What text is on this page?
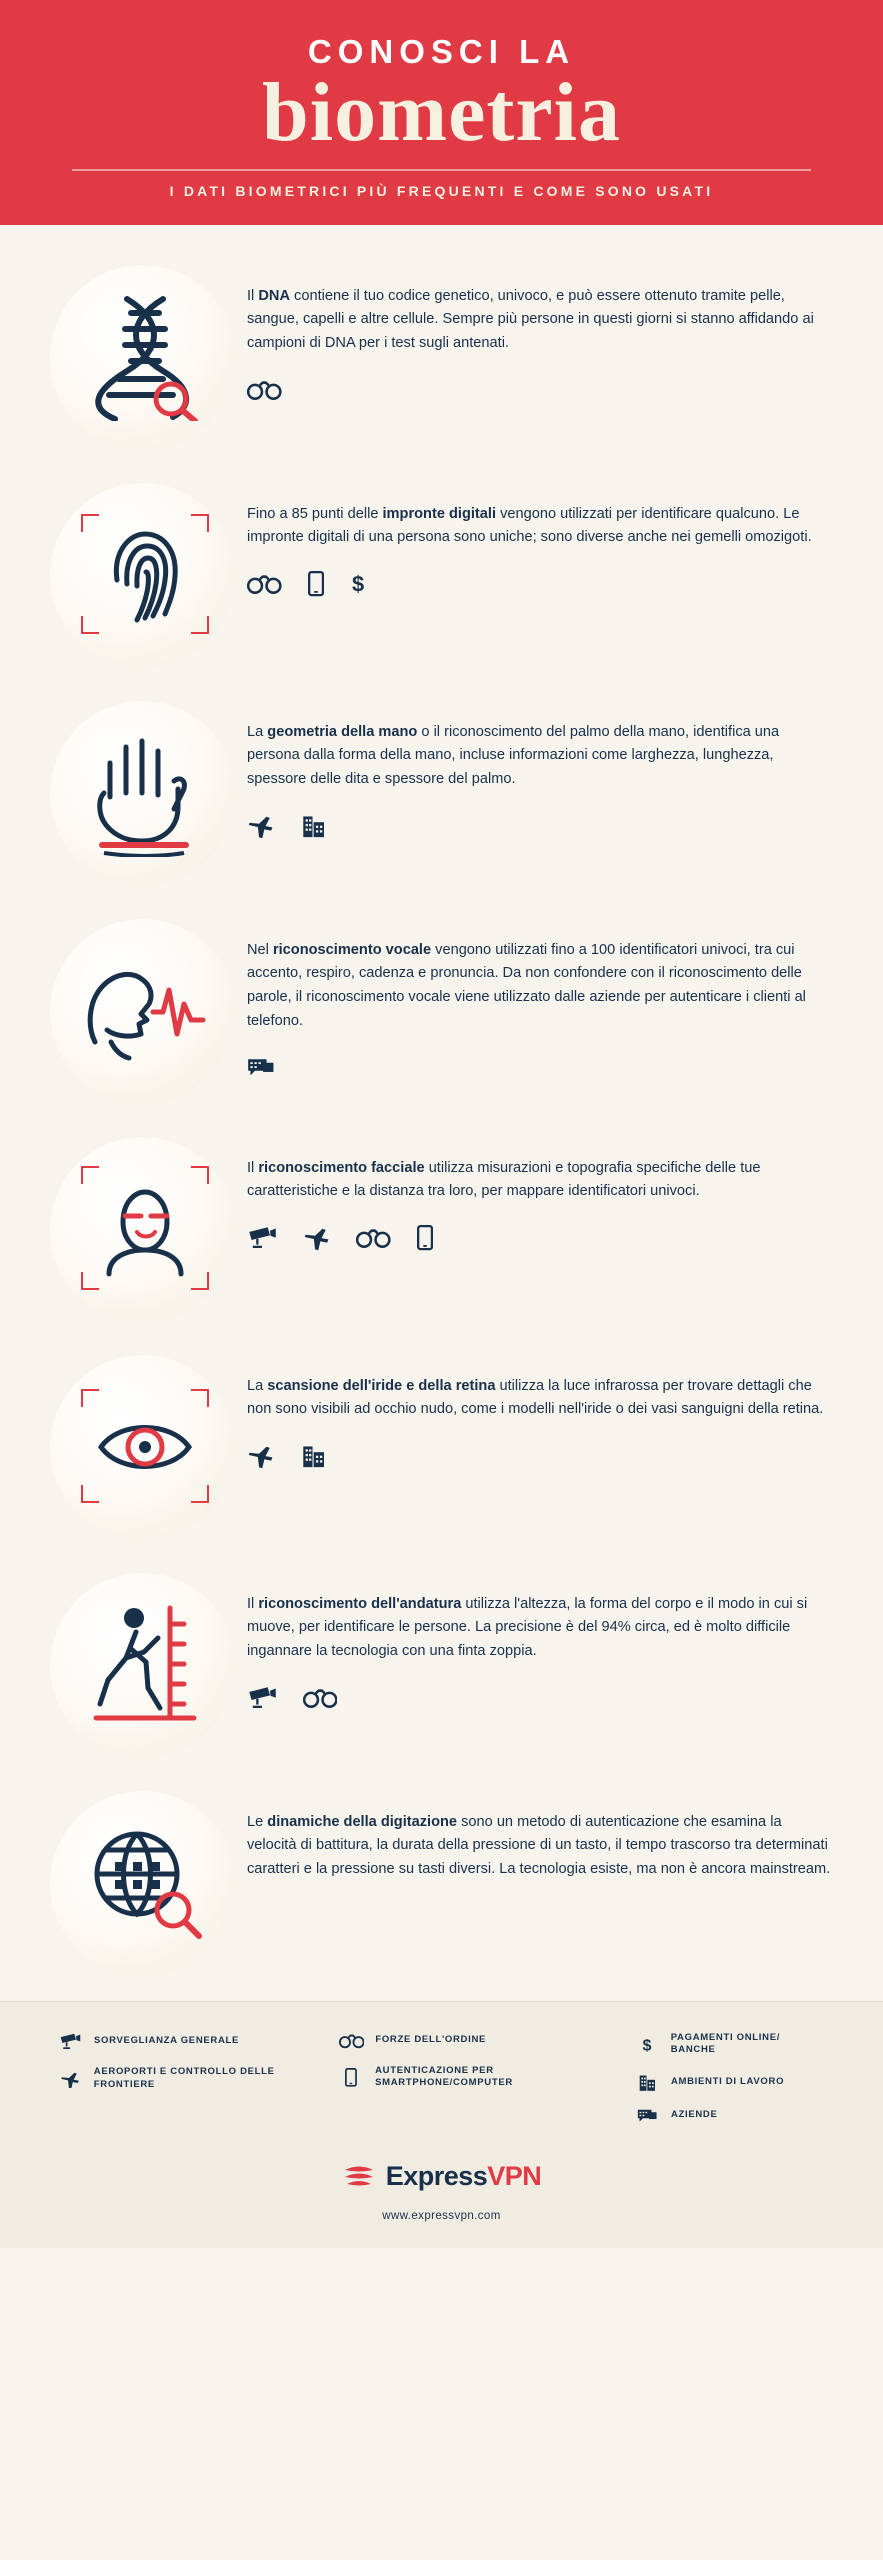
CONOSCI LA
biometria
I DATI BIOMETRICI PIÙ FREQUENTI E COME SONO USATI
Il DNA contiene il tuo codice genetico, univoco, e può essere ottenuto tramite pelle, sangue, capelli e altre cellule. Sempre più persone in questi giorni si stanno affidando ai campioni di DNA per i test sugli antenati.
Fino a 85 punti delle impronte digitali vengono utilizzati per identificare qualcuno. Le impronte digitali di una persona sono uniche; sono diverse anche nei gemelli omozigoti.
$
La geometria della mano o il riconoscimento del palmo della mano, identifica una persona dalla forma della mano, incluse informazioni come larghezza, lunghezza, spessore delle dita e spessore del palmo.
Nel riconoscimento vocale vengono utilizzati fino a 100 identificatori univoci, tra cui accento, respiro, cadenza e pronuncia. Da non confondere con il riconoscimento delle parole, il riconoscimento vocale viene utilizzato dalle aziende per autenticare i clienti al telefono.
Il riconoscimento facciale utilizza misurazioni e topografia specifiche delle tue caratteristiche e la distanza tra loro, per mappare identificatori univoci.
La scansione dell'iride e della retina utilizza la luce infrarossa per trovare dettagli che non sono visibili ad occhio nudo, come i modelli nell'iride o dei vasi sanguigni della retina.
Il riconoscimento dell'andatura utilizza l'altezza, la forma del corpo e il modo in cui si muove, per identificare le persone. La precisione è del 94% circa, ed è molto difficile ingannare la tecnologia con una finta zoppia.
Le dinamiche della digitazione sono un metodo di autenticazione che esamina la velocità di battitura, la durata della pressione di un tasto, il tempo trascorso tra determinati caratteri e la pressione su tasti diversi. La tecnologia esiste, ma non è ancora mainstream.
SORVEGLIANZA GENERALE
AEROPORTI E CONTROLLO DELLE FRONTIERE
FORZE DELL'ORDINE
AUTENTICAZIONE PER SMARTPHONE/COMPUTER
$ PAGAMENTI ONLINE/ BANCHE
AMBIENTI DI LAVORO
AZIENDE
ExpressVPN
www.expressvpn.com
